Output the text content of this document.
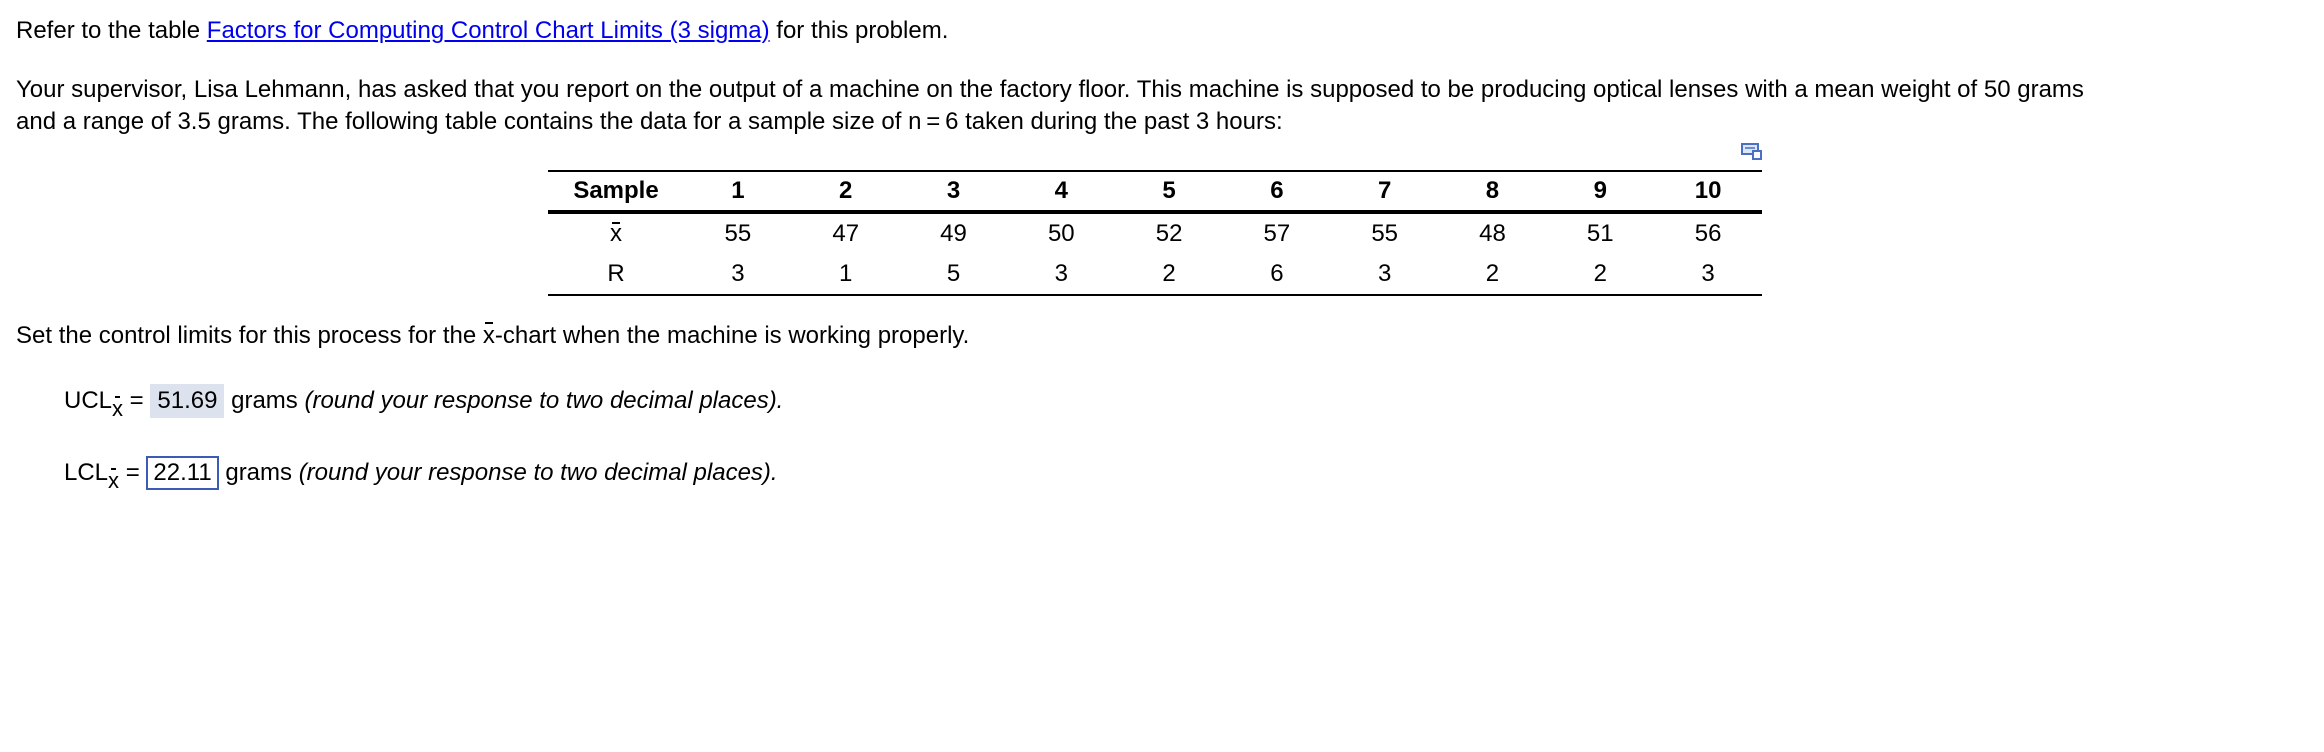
Refer to the table Factors for Computing Control Chart Limits (3 sigma) for this problem.
Your supervisor, Lisa Lehmann, has asked that you report on the output of a machine on the factory floor. This machine is supposed to be producing optical lenses with a mean weight of 50 grams
and a range of 3.5 grams. The following table contains the data for a sample size of n = 6 taken during the past 3 hours:
Sample	1	2	3	4	5	6	7	8	9	10
x	55	47	49	50	52	57	55	48	51	56
R	3	1	5	3	2	6	3	2	2	3
Set the control limits for this process for the x-chart when the machine is working properly.
UCLx = 51.69 grams (round your response to two decimal places).
LCLx = 22.11 grams (round your response to two decimal places).
